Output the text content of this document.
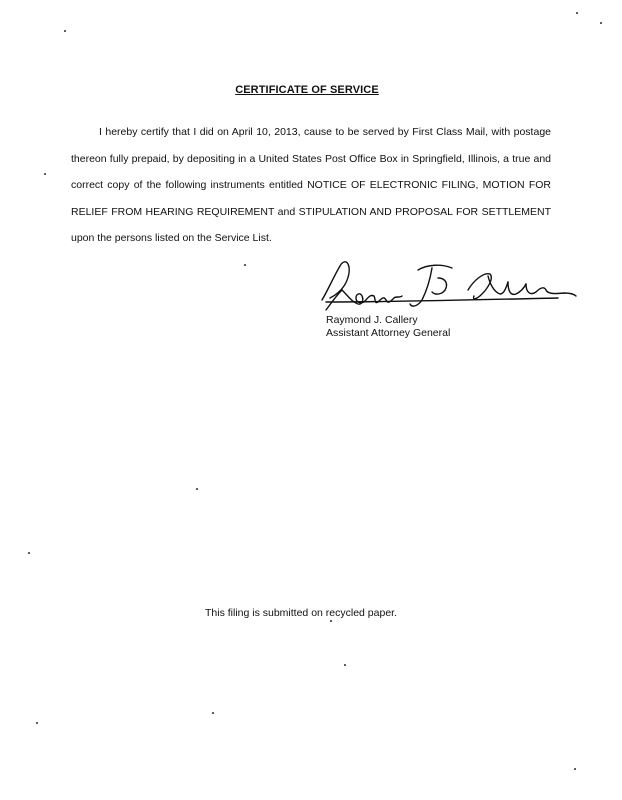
CERTIFICATE OF SERVICE
I hereby certify that I did on April 10, 2013, cause to be served by First Class Mail, with postage thereon fully prepaid, by depositing in a United States Post Office Box in Springfield, Illinois, a true and correct copy of the following instruments entitled NOTICE OF ELECTRONIC FILING, MOTION FOR RELIEF FROM HEARING REQUIREMENT and STIPULATION AND PROPOSAL FOR SETTLEMENT upon the persons listed on the Service List.
Raymond J. Callery
Assistant Attorney General
This filing is submitted on recycled paper.
